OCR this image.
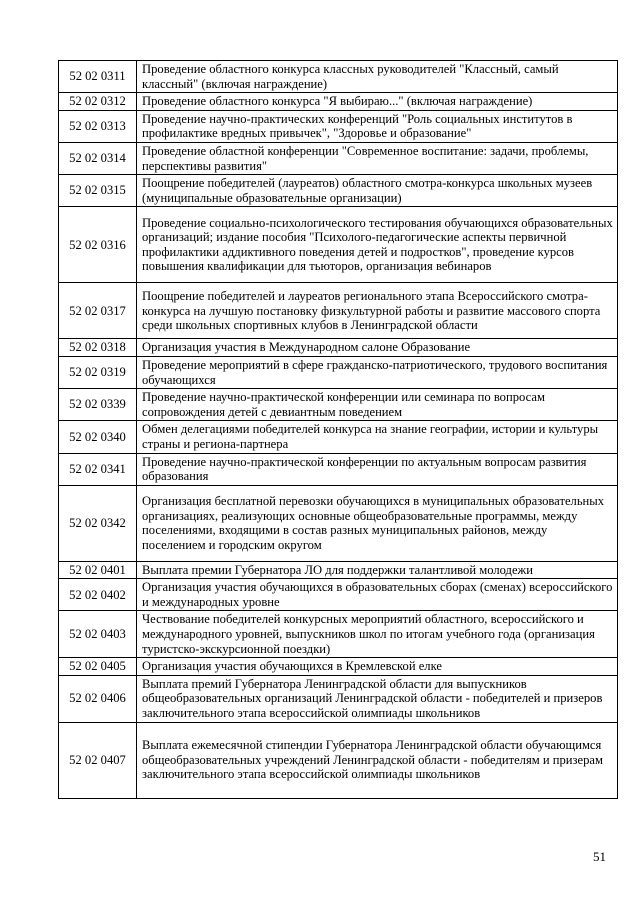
52 02 0311	Проведение областного конкурса классных руководителей "Классный, самый классный" (включая награждение)
52 02 0312	Проведение областного конкурса "Я выбираю..." (включая награждение)
52 02 0313	Проведение научно-практических конференций "Роль социальных институтов в профилактике вредных привычек", "Здоровье и образование"
52 02 0314	Проведение областной конференции "Современное воспитание: задачи, проблемы, перспективы развития"
52 02 0315	Поощрение победителей (лауреатов) областного смотра-конкурса школьных музеев (муниципальные образовательные организации)
52 02 0316	Проведение социально-психологического тестирования обучающихся образовательных организаций; издание пособия "Психолого-педагогические аспекты первичной профилактики аддиктивного поведения детей и подростков", проведение курсов повышения квалификации для тьюторов, организация вебинаров
52 02 0317	Поощрение победителей и лауреатов регионального этапа Всероссийского смотра-конкурса на лучшую постановку физкультурной работы и развитие массового спорта среди школьных спортивных клубов в Ленинградской области
52 02 0318	Организация участия в Международном салоне Образование
52 02 0319	Проведение мероприятий в сфере гражданско-патриотического, трудового воспитания обучающихся
52 02 0339	Проведение научно-практической конференции или семинара по вопросам сопровождения детей с девиантным поведением
52 02 0340	Обмен делегациями победителей конкурса на знание географии, истории и культуры страны и региона-партнера
52 02 0341	Проведение научно-практической конференции по актуальным вопросам развития образования
52 02 0342	Организация бесплатной перевозки обучающихся в муниципальных образовательных организациях, реализующих основные общеобразовательные программы, между поселениями, входящими в состав разных муниципальных районов, между поселением и городским округом
52 02 0401	Выплата премии Губернатора ЛО для поддержки талантливой молодежи
52 02 0402	Организация участия обучающихся в образовательных сборах (сменах) всероссийского и международных уровне
52 02 0403	Чествование победителей конкурсных мероприятий областного, всероссийского и международного уровней, выпускников школ по итогам учебного года (организация туристско-экскурсионной поездки)
52 02 0405	Организация участия обучающихся в Кремлевской елке
52 02 0406	Выплата премий Губернатора Ленинградской области для выпускников общеобразовательных организаций Ленинградской области - победителей и призеров заключительного этапа всероссийской олимпиады школьников
52 02 0407	Выплата ежемесячной стипендии Губернатора Ленинградской области обучающимся общеобразовательных учреждений Ленинградской области - победителям и призерам заключительного этапа всероссийской олимпиады школьников
51
